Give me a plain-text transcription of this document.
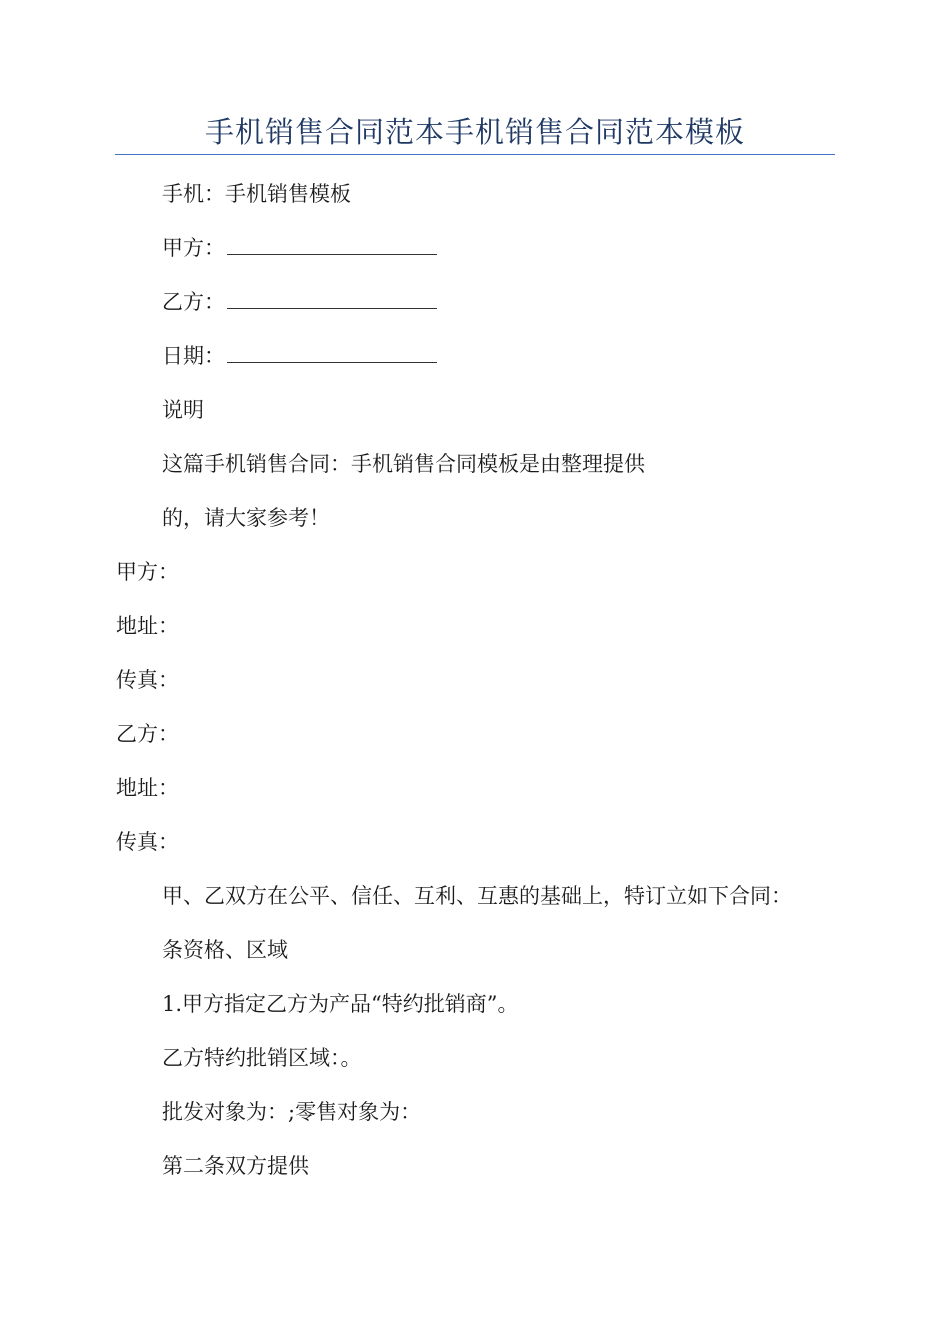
手机销售合同范本手机销售合同范本模板
手机：手机销售模板
甲方：
乙方：
日期：
说明
这篇手机销售合同：手机销售合同模板是由整理提供
的，请大家参考！
甲方：
地址：
传真：
乙方：
地址：
传真：
甲、乙双方在公平、信任、互利、互惠的基础上，特订立如下合同：
条资格、区域
1.甲方指定乙方为产品“特约批销商”。
乙方特约批销区域：。
批发对象为：;零售对象为：
第二条双方提供
